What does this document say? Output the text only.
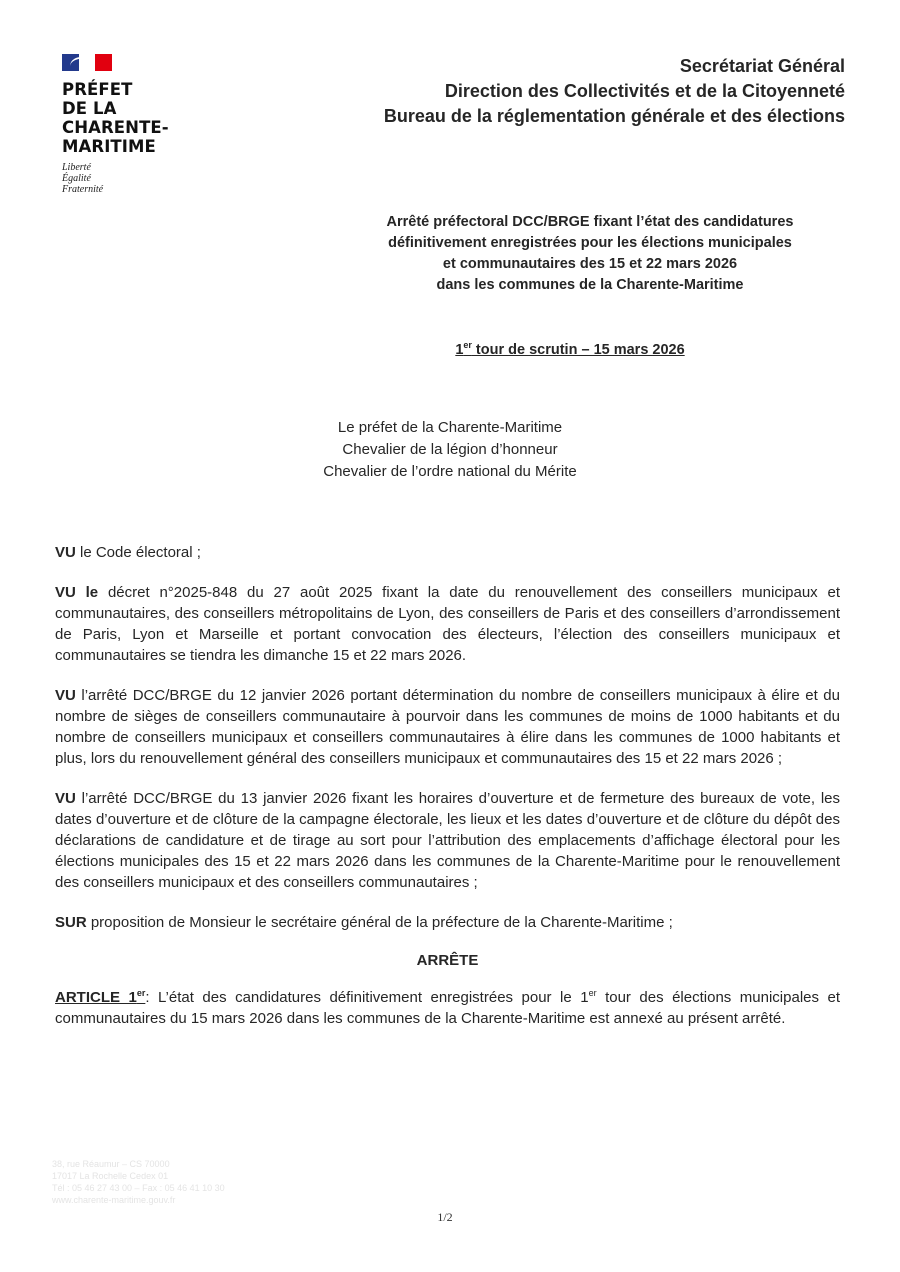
PRÉFET
DE LA
CHARENTE-
MARITIME
Liberté
Égalité
Fraternité
Secrétariat Général
Direction des Collectivités et de la Citoyenneté
Bureau de la réglementation générale et des élections
Arrêté préfectoral DCC/BRGE fixant l’état des candidatures
définitivement enregistrées pour les élections municipales
et communautaires des 15 et 22 mars 2026
dans les communes de la Charente-Maritime
1er tour de scrutin – 15 mars 2026
Le préfet de la Charente-Maritime
Chevalier de la légion d’honneur
Chevalier de l’ordre national du Mérite

VU le Code électoral ;

VU le décret n°2025-848 du 27 août 2025 fixant la date du renouvellement des conseillers municipaux et communautaires, des conseillers métropolitains de Lyon, des conseillers de Paris et des conseillers d’arrondissement de Paris, Lyon et Marseille et portant convocation des électeurs, l’élection des conseillers municipaux et communautaires se tiendra les dimanche 15 et 22 mars 2026.

VU l’arrêté DCC/BRGE du 12 janvier 2026 portant détermination du nombre de conseillers municipaux à élire et du nombre de sièges de conseillers communautaire à pourvoir dans les communes de moins de 1000 habitants et du nombre de conseillers municipaux et conseillers communautaires à élire dans les communes de 1000 habitants et plus, lors du renouvellement général des conseillers municipaux et communautaires des 15 et 22 mars 2026 ;

VU l’arrêté DCC/BRGE du 13 janvier 2026 fixant les horaires d’ouverture et de fermeture des bureaux de vote, les dates d’ouverture et de clôture de la campagne électorale, les lieux et les dates d’ouverture et de clôture du dépôt des déclarations de candidature et de tirage au sort pour l’attribution des emplacements d’affichage électoral pour les élections municipales des 15 et 22 mars 2026 dans les communes de la Charente-Maritime pour le renouvellement des conseillers municipaux et des conseillers communautaires ;

SUR proposition de Monsieur le secrétaire général de la préfecture de la Charente-Maritime ;

ARRÊTE

ARTICLE 1er: L’état des candidatures définitivement enregistrées pour le 1er tour des élections municipales et communautaires du 15 mars 2026 dans les communes de la Charente-Maritime est annexé au présent arrêté.

38, rue Réaumur – CS 70000
17017 La Rochelle Cedex 01
Tél : 05 46 27 43 00 – Fax : 05 46 41 10 30
www.charente-maritime.gouv.fr
1/2
